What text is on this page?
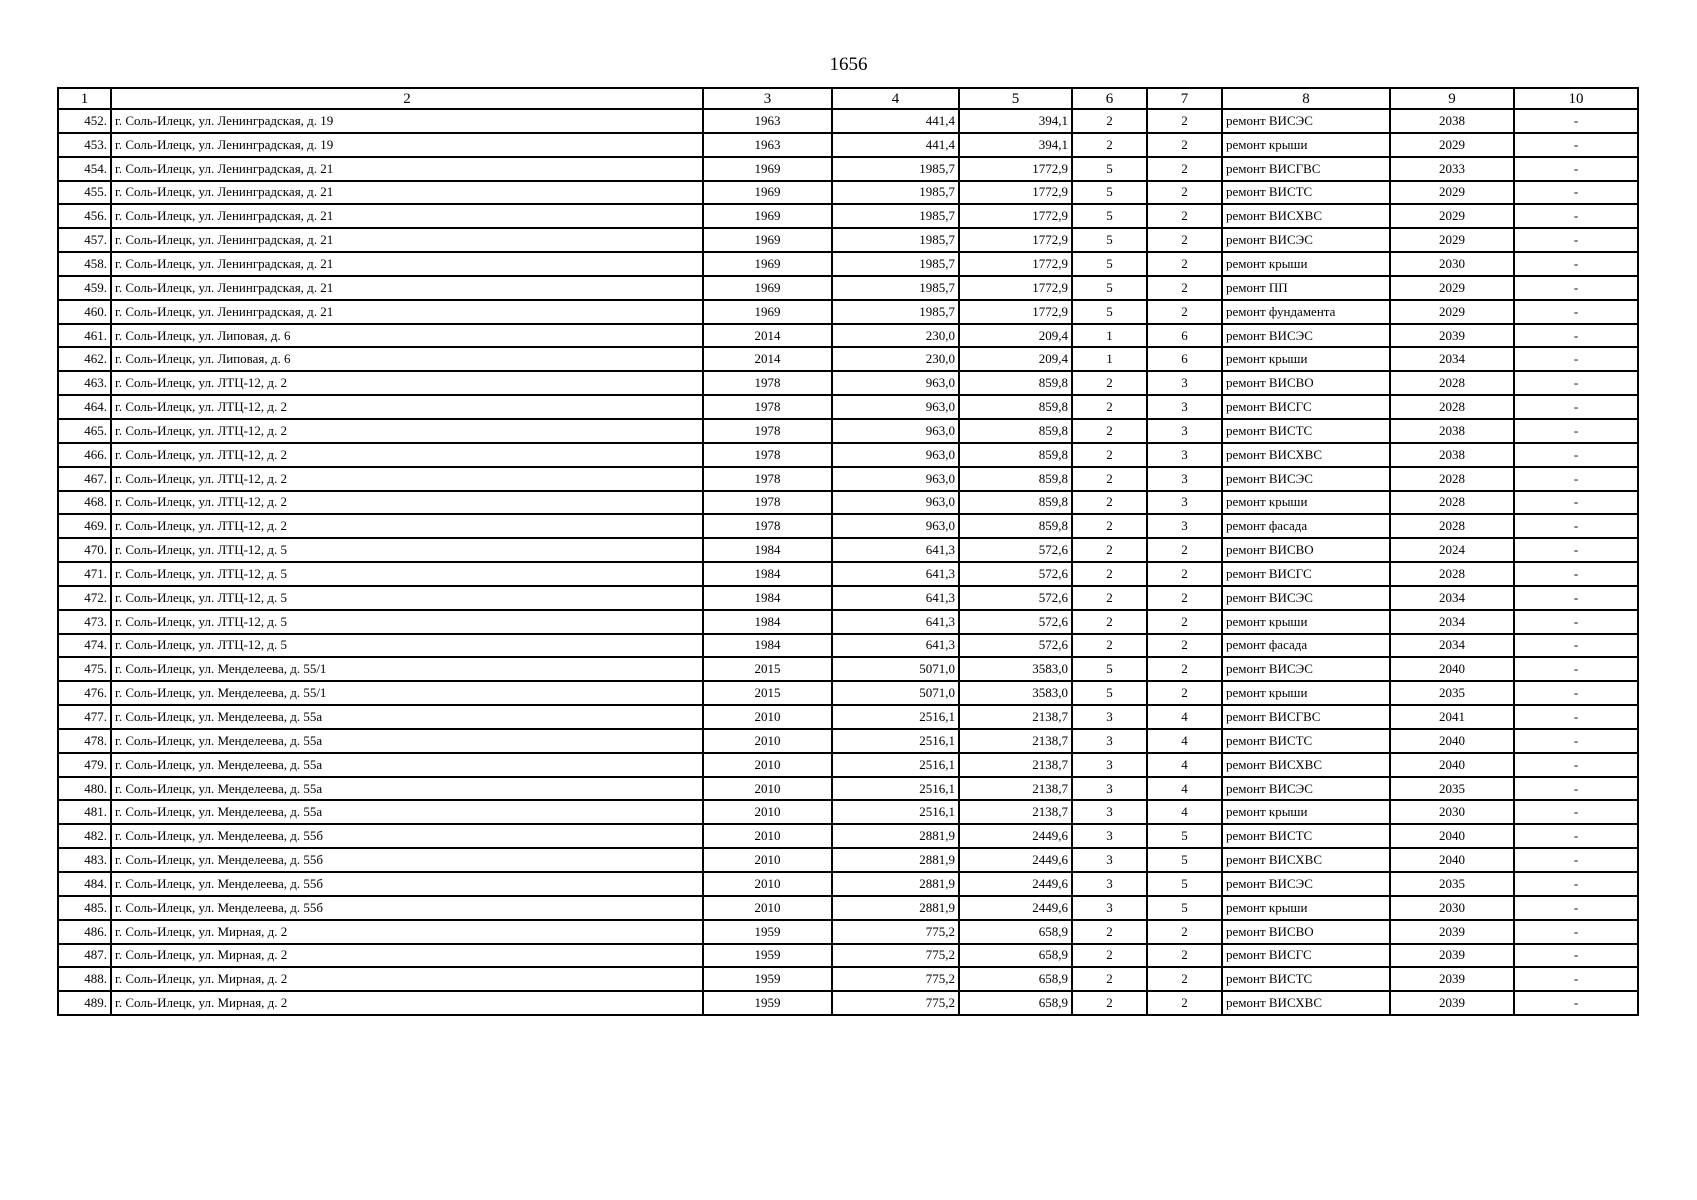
1656
1	2	3	4	5	6	7	8	9	10
452.	г. Соль-Илецк, ул. Ленинградская, д. 19	1963	441,4	394,1	2	2	ремонт ВИСЭС	2038	-
453.	г. Соль-Илецк, ул. Ленинградская, д. 19	1963	441,4	394,1	2	2	ремонт крыши	2029	-
454.	г. Соль-Илецк, ул. Ленинградская, д. 21	1969	1985,7	1772,9	5	2	ремонт ВИСГВС	2033	-
455.	г. Соль-Илецк, ул. Ленинградская, д. 21	1969	1985,7	1772,9	5	2	ремонт ВИСТС	2029	-
456.	г. Соль-Илецк, ул. Ленинградская, д. 21	1969	1985,7	1772,9	5	2	ремонт ВИСХВС	2029	-
457.	г. Соль-Илецк, ул. Ленинградская, д. 21	1969	1985,7	1772,9	5	2	ремонт ВИСЭС	2029	-
458.	г. Соль-Илецк, ул. Ленинградская, д. 21	1969	1985,7	1772,9	5	2	ремонт крыши	2030	-
459.	г. Соль-Илецк, ул. Ленинградская, д. 21	1969	1985,7	1772,9	5	2	ремонт ПП	2029	-
460.	г. Соль-Илецк, ул. Ленинградская, д. 21	1969	1985,7	1772,9	5	2	ремонт фундамента	2029	-
461.	г. Соль-Илецк, ул. Липовая, д. 6	2014	230,0	209,4	1	6	ремонт ВИСЭС	2039	-
462.	г. Соль-Илецк, ул. Липовая, д. 6	2014	230,0	209,4	1	6	ремонт крыши	2034	-
463.	г. Соль-Илецк, ул. ЛТЦ-12, д. 2	1978	963,0	859,8	2	3	ремонт ВИСВО	2028	-
464.	г. Соль-Илецк, ул. ЛТЦ-12, д. 2	1978	963,0	859,8	2	3	ремонт ВИСГС	2028	-
465.	г. Соль-Илецк, ул. ЛТЦ-12, д. 2	1978	963,0	859,8	2	3	ремонт ВИСТС	2038	-
466.	г. Соль-Илецк, ул. ЛТЦ-12, д. 2	1978	963,0	859,8	2	3	ремонт ВИСХВС	2038	-
467.	г. Соль-Илецк, ул. ЛТЦ-12, д. 2	1978	963,0	859,8	2	3	ремонт ВИСЭС	2028	-
468.	г. Соль-Илецк, ул. ЛТЦ-12, д. 2	1978	963,0	859,8	2	3	ремонт крыши	2028	-
469.	г. Соль-Илецк, ул. ЛТЦ-12, д. 2	1978	963,0	859,8	2	3	ремонт фасада	2028	-
470.	г. Соль-Илецк, ул. ЛТЦ-12, д. 5	1984	641,3	572,6	2	2	ремонт ВИСВО	2024	-
471.	г. Соль-Илецк, ул. ЛТЦ-12, д. 5	1984	641,3	572,6	2	2	ремонт ВИСГС	2028	-
472.	г. Соль-Илецк, ул. ЛТЦ-12, д. 5	1984	641,3	572,6	2	2	ремонт ВИСЭС	2034	-
473.	г. Соль-Илецк, ул. ЛТЦ-12, д. 5	1984	641,3	572,6	2	2	ремонт крыши	2034	-
474.	г. Соль-Илецк, ул. ЛТЦ-12, д. 5	1984	641,3	572,6	2	2	ремонт фасада	2034	-
475.	г. Соль-Илецк, ул. Менделеева, д. 55/1	2015	5071,0	3583,0	5	2	ремонт ВИСЭС	2040	-
476.	г. Соль-Илецк, ул. Менделеева, д. 55/1	2015	5071,0	3583,0	5	2	ремонт крыши	2035	-
477.	г. Соль-Илецк, ул. Менделеева, д. 55а	2010	2516,1	2138,7	3	4	ремонт ВИСГВС	2041	-
478.	г. Соль-Илецк, ул. Менделеева, д. 55а	2010	2516,1	2138,7	3	4	ремонт ВИСТС	2040	-
479.	г. Соль-Илецк, ул. Менделеева, д. 55а	2010	2516,1	2138,7	3	4	ремонт ВИСХВС	2040	-
480.	г. Соль-Илецк, ул. Менделеева, д. 55а	2010	2516,1	2138,7	3	4	ремонт ВИСЭС	2035	-
481.	г. Соль-Илецк, ул. Менделеева, д. 55а	2010	2516,1	2138,7	3	4	ремонт крыши	2030	-
482.	г. Соль-Илецк, ул. Менделеева, д. 55б	2010	2881,9	2449,6	3	5	ремонт ВИСТС	2040	-
483.	г. Соль-Илецк, ул. Менделеева, д. 55б	2010	2881,9	2449,6	3	5	ремонт ВИСХВС	2040	-
484.	г. Соль-Илецк, ул. Менделеева, д. 55б	2010	2881,9	2449,6	3	5	ремонт ВИСЭС	2035	-
485.	г. Соль-Илецк, ул. Менделеева, д. 55б	2010	2881,9	2449,6	3	5	ремонт крыши	2030	-
486.	г. Соль-Илецк, ул. Мирная, д. 2	1959	775,2	658,9	2	2	ремонт ВИСВО	2039	-
487.	г. Соль-Илецк, ул. Мирная, д. 2	1959	775,2	658,9	2	2	ремонт ВИСГС	2039	-
488.	г. Соль-Илецк, ул. Мирная, д. 2	1959	775,2	658,9	2	2	ремонт ВИСТС	2039	-
489.	г. Соль-Илецк, ул. Мирная, д. 2	1959	775,2	658,9	2	2	ремонт ВИСХВС	2039	-
